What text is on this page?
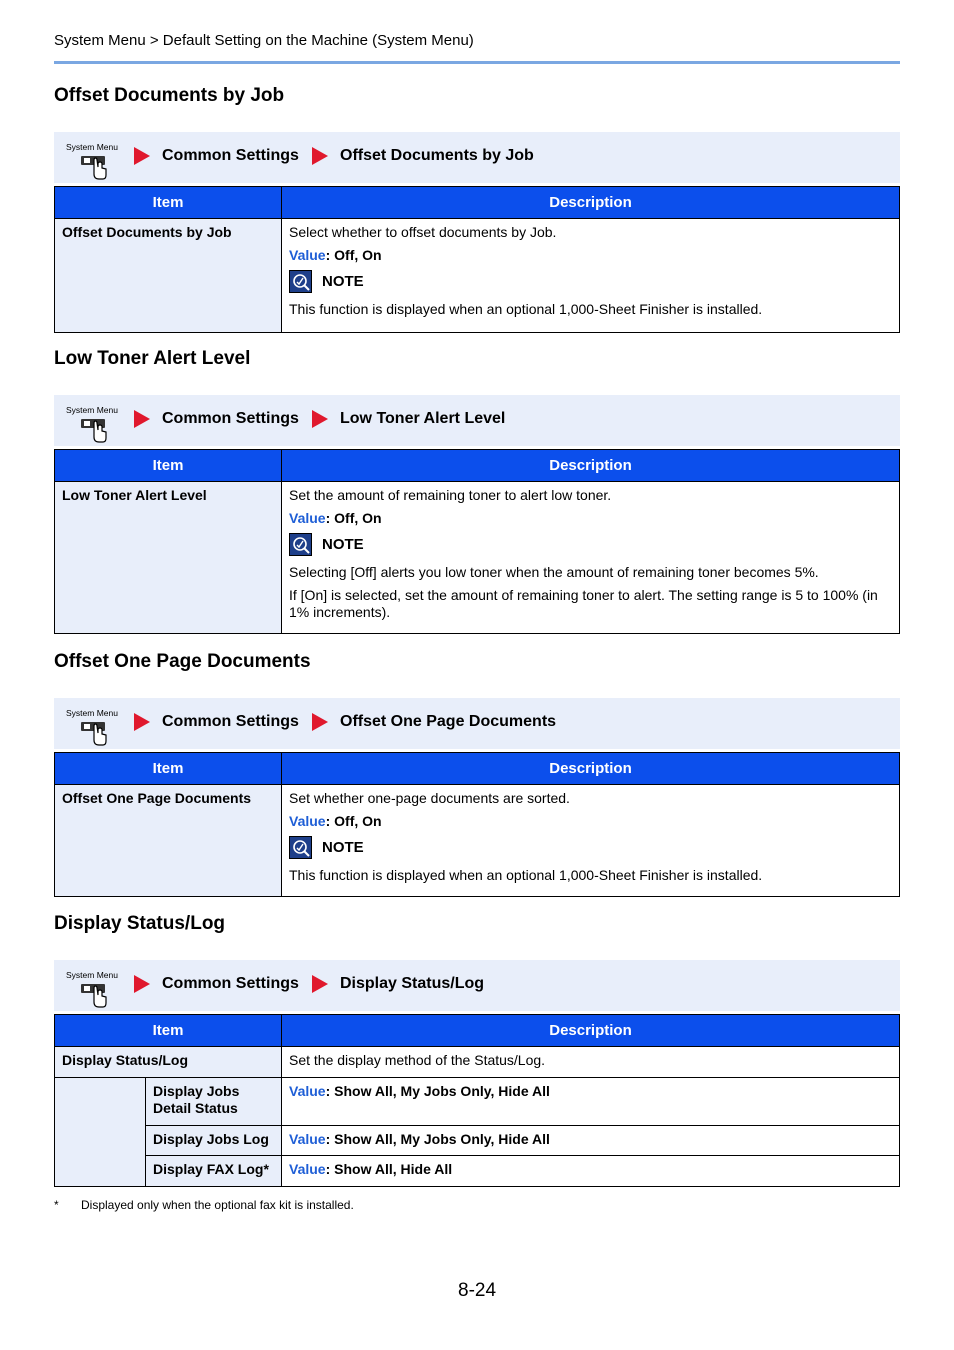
System Menu > Default Setting on the Machine (System Menu)
Offset Documents by Job
System Menu	Common Settings	Offset Documents by Job
Item	Description
Offset Documents by Job	Select whether to offset documents by Job.

Value: Off, On

NOTE

This function is displayed when an optional 1,000-Sheet Finisher is installed.

Low Toner Alert Level
System Menu	Common Settings	Low Toner Alert Level
Item	Description
Low Toner Alert Level	Set the amount of remaining toner to alert low toner.

Value: Off, On

NOTE

Selecting [Off] alerts you low toner when the amount of remaining toner becomes 5%.

If [On] is selected, set the amount of remaining toner to alert. The setting range is 5 to 100% (in 1% increments).

Offset One Page Documents
System Menu	Common Settings	Offset One Page Documents
Item	Description
Offset One Page Documents	Set whether one-page documents are sorted.

Value: Off, On

NOTE

This function is displayed when an optional 1,000-Sheet Finisher is installed.

Display Status/Log
System Menu	Common Settings	Display Status/Log
Item		Description
Display Status/Log		Set the display method of the Status/Log.
	Display Jobs Detail Status	Value: Show All, My Jobs Only, Hide All
	Display Jobs Log	Value: Show All, My Jobs Only, Hide All
	Display FAX Log*	Value: Show All, Hide All
* Displayed only when the optional fax kit is installed.
8-24
